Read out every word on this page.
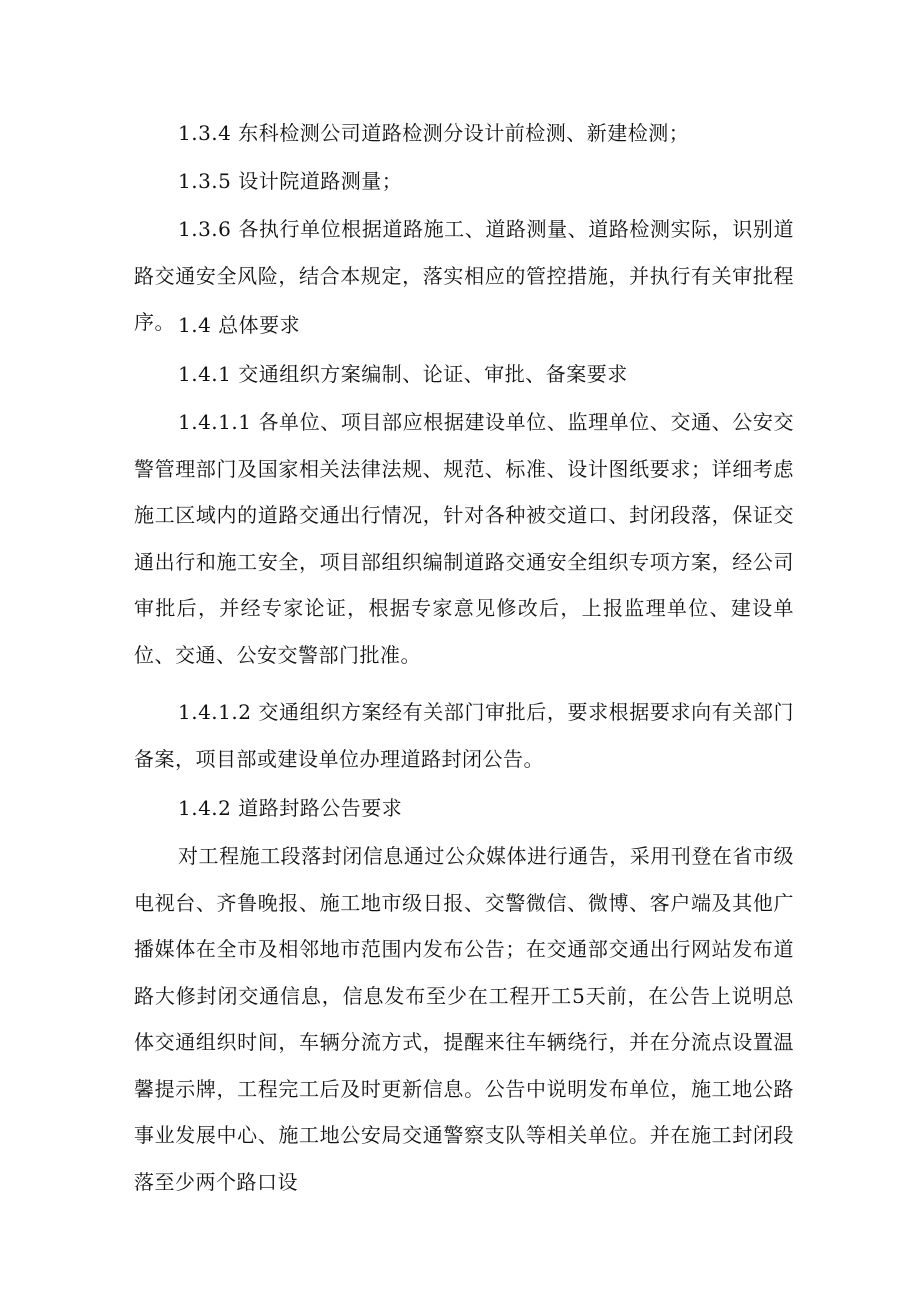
1.3.4 东科检测公司道路检测分设计前检测、新建检测；

1.3.5 设计院道路测量；

1.3.6 各执行单位根据道路施工、道路测量、道路检测实际，识别道路交通安全风险，结合本规定，落实相应的管控措施，并执行有关审批程序。 1.4 总体要求

1.4.1 交通组织方案编制、论证、审批、备案要求

1.4.1.1 各单位、项目部应根据建设单位、监理单位、交通、公安交警管理部门及国家相关法律法规、规范、标准、设计图纸要求；详细考虑施工区域内的道路交通出行情况，针对各种被交道口、封闭段落，保证交通出行和施工安全，项目部组织编制道路交通安全组织专项方案，经公司审批后，并经专家论证，根据专家意见修改后，上报监理单位、建设单位、交通、公安交警部门批准。

1.4.1.2 交通组织方案经有关部门审批后，要求根据要求向有关部门备案，项目部或建设单位办理道路封闭公告。

1.4.2 道路封路公告要求

对工程施工段落封闭信息通过公众媒体进行通告，采用刊登在省市级电视台、齐鲁晚报、施工地市级日报、交警微信、微博、客户端及其他广播媒体在全市及相邻地市范围内发布公告；在交通部交通出行网站发布道路大修封闭交通信息，信息发布至少在工程开工5天前，在公告上说明总体交通组织时间，车辆分流方式，提醒来往车辆绕行，并在分流点设置温馨提示牌，工程完工后及时更新信息。公告中说明发布单位，施工地公路事业发展中心、施工地公安局交通警察支队等相关单位。并在施工封闭段落至少两个路口设
